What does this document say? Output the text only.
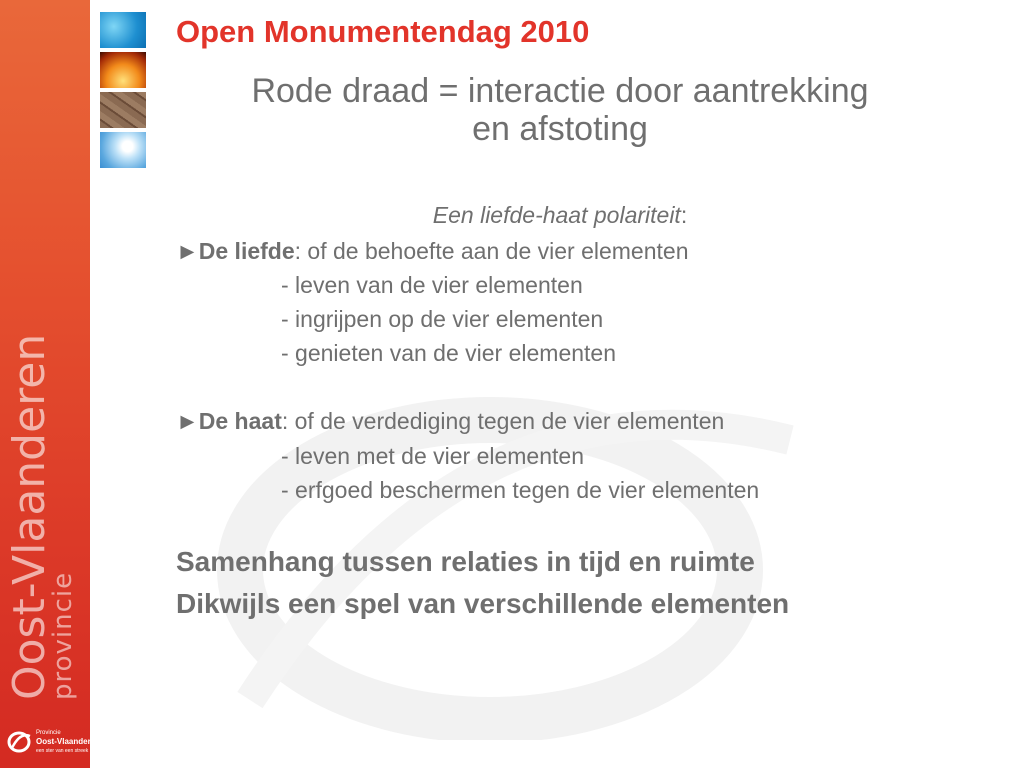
provincie
Oost-Vlaanderen
Provincie
Oost-Vlaanderen
een ster van een streek
Open Monumentendag 2010
Rode draad = interactie door aantrekking
en afstoting
Een liefde-haat polariteit:
►De liefde: of de behoefte aan de vier elementen
- leven van de vier elementen
- ingrijpen op de vier elementen
- genieten van de vier elementen
►De haat: of de verdediging tegen de vier elementen
- leven met de vier elementen
- erfgoed beschermen tegen de vier elementen
Samenhang tussen relaties in tijd en ruimte
Dikwijls een spel van verschillende elementen
